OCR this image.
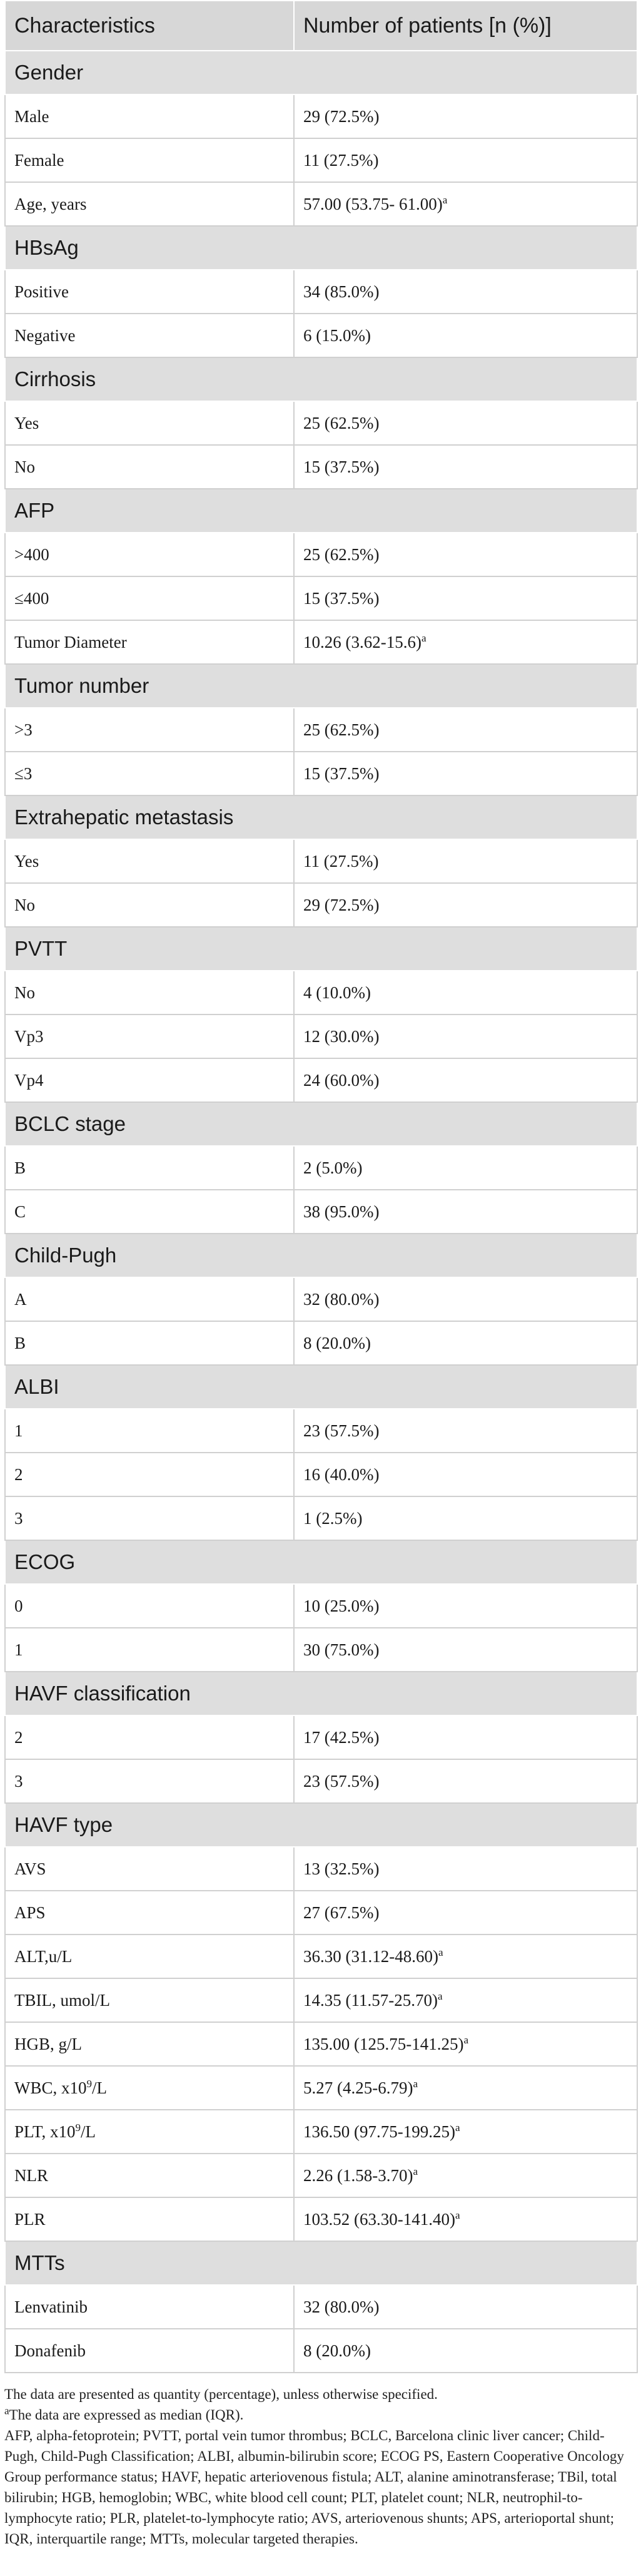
Characteristics	Number of patients [n (%)]
Gender	
Male	29 (72.5%)
Female	11 (27.5%)
Age, years	57.00 (53.75- 61.00)$^a$
HBsAg	
Positive	34 (85.0%)
Negative	6 (15.0%)
Cirrhosis	
Yes	25 (62.5%)
No	15 (37.5%)
AFP	
>400	25 (62.5%)
≤400	15 (37.5%)
Tumor Diameter	10.26 $(3.62-15.6)^a$
Tumor number	
>3	25 (62.5%)
≤3	15 (37.5%)
Extrahepatic metastasis	
Yes	11 (27.5%)
No	29 (72.5%)
PVTT	
No	4 (10.0%)
Vp3	12 (30.0%)
Vp4	24 (60.0%)
BCLC stage	
B	2 (5.0%)
C	38 (95.0%)
Child-Pugh	
A	32 (80.0%)
B	8 (20.0%)
ALBI	
1	23 (57.5%)
2	16 (40.0%)
3	1 (2.5%)
ECOG	
0	10 (25.0%)
1	30 (75.0%)
HAVF classification	
2	17 (42.5%)
3	23 (57.5%)
HAVF type	
AVS	13 (32.5%)
APS	27 (67.5%)
ALT,u/L	36.30 $(31.12-48.60)^a$
TBIL, umol/L	14.35 $(11.57-25.70)^a$
HGB, g/L	135.00 $(125.75-141.25)^a$
WBC, $x10^9/L$	5.27 $(4.25-6.79)^a$
PLT, $x10^9/L$	136.50 $(97.75-199.25)^a$
NLR	2.26 $(1.58-3.70)^a$
PLR	103.52 $(63.30-141.40)^a$
MTTs	
Lenvatinib	32 (80.0%)
Donafenib	8 (20.0%)

The data are presented as quantity (percentage), unless otherwise specified.

$^a$The data are expressed as median (IQR).

AFP, alpha-fetoprotein; PVTT, portal vein tumor thrombus; BCLC, Barcelona clinic liver cancer; Child-Pugh, Child-Pugh Classification; ALBI, albumin-bilirubin score; ECOG PS, Eastern Cooperative Oncology Group performance status; HAVF, hepatic arteriovenous fistula; ALT, alanine aminotransferase; TBil, total bilirubin; HGB, hemoglobin; WBC, white blood cell count; PLT, platelet count; NLR, neutrophil-to-lymphocyte ratio; PLR, platelet-to-lymphocyte ratio; AVS, arteriovenous shunts; APS, arterioportal shunt; IQR, interquartile range; MTTs, molecular targeted therapies.
